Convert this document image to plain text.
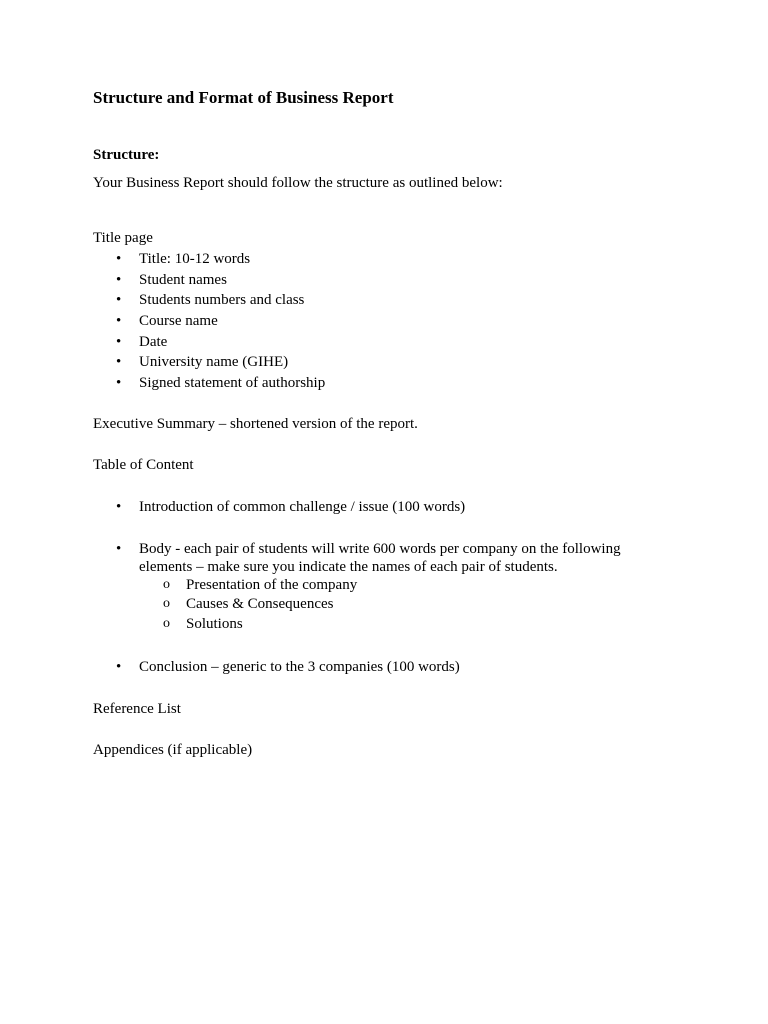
Structure and Format of Business Report
Structure:
Your Business Report should follow the structure as outlined below:
Title page
• Title: 10-12 words
• Student names
• Students numbers and class
• Course name
• Date
• University name (GIHE)
• Signed statement of authorship
Executive Summary – shortened version of the report.
Table of Content
• Introduction of common challenge / issue (100 words)
• Body - each pair of students will write 600 words per company on the following
elements – make sure you indicate the names of each pair of students.
o Presentation of the company
o Causes & Consequences
o Solutions
• Conclusion – generic to the 3 companies (100 words)
Reference List
Appendices (if applicable)
